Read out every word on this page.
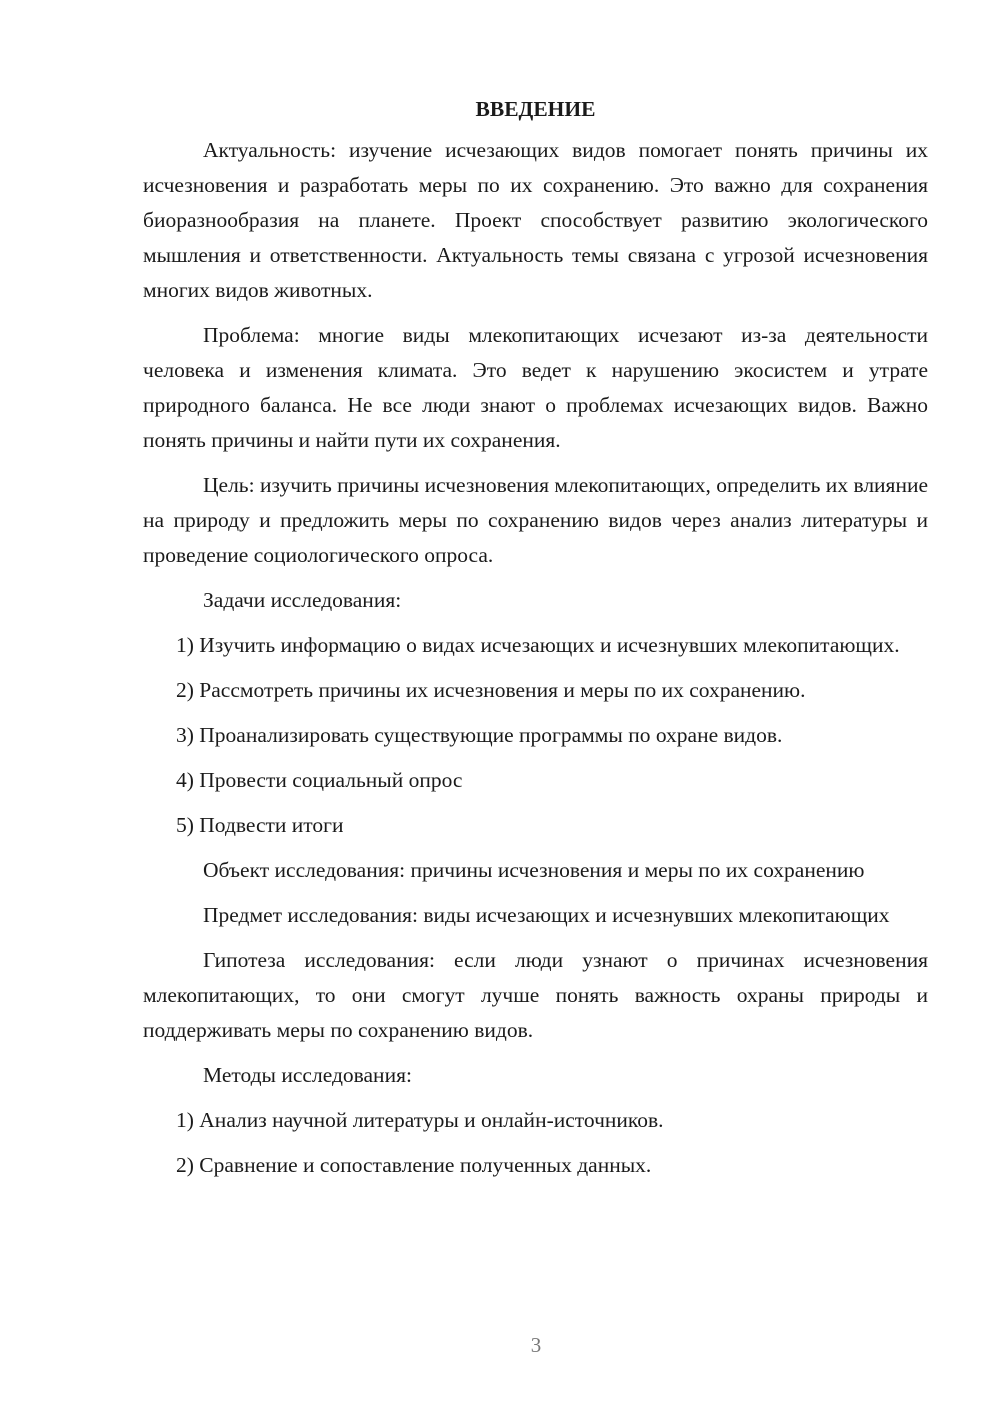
ВВЕДЕНИЕ

Актуальность: изучение исчезающих видов помогает понять причины их исчезновения и разработать меры по их сохранению. Это важно для сохранения биоразнообразия на планете. Проект способствует развитию экологического мышления и ответственности. Актуальность темы связана с угрозой исчезновения многих видов животных.

Проблема: многие виды млекопитающих исчезают из-за деятельности человека и изменения климата. Это ведет к нарушению экосистем и утрате природного баланса. Не все люди знают о проблемах исчезающих видов. Важно понять причины и найти пути их сохранения.

Цель: изучить причины исчезновения млекопитающих, определить их влияние на природу и предложить меры по сохранению видов через анализ литературы и проведение социологического опроса.

Задачи исследования:

1) Изучить информацию о видах исчезающих и исчезнувших млекопитающих.

2) Рассмотреть причины их исчезновения и меры по их сохранению.

3) Проанализировать существующие программы по охране видов.

4) Провести социальный опрос

5) Подвести итоги

Объект исследования: причины исчезновения и меры по их сохранению

Предмет исследования: виды исчезающих и исчезнувших млекопитающих

Гипотеза исследования: если люди узнают о причинах исчезновения млекопитающих, то они смогут лучше понять важность охраны природы и поддерживать меры по сохранению видов.

Методы исследования:

1) Анализ научной литературы и онлайн-источников.

2) Сравнение и сопоставление полученных данных.

3
